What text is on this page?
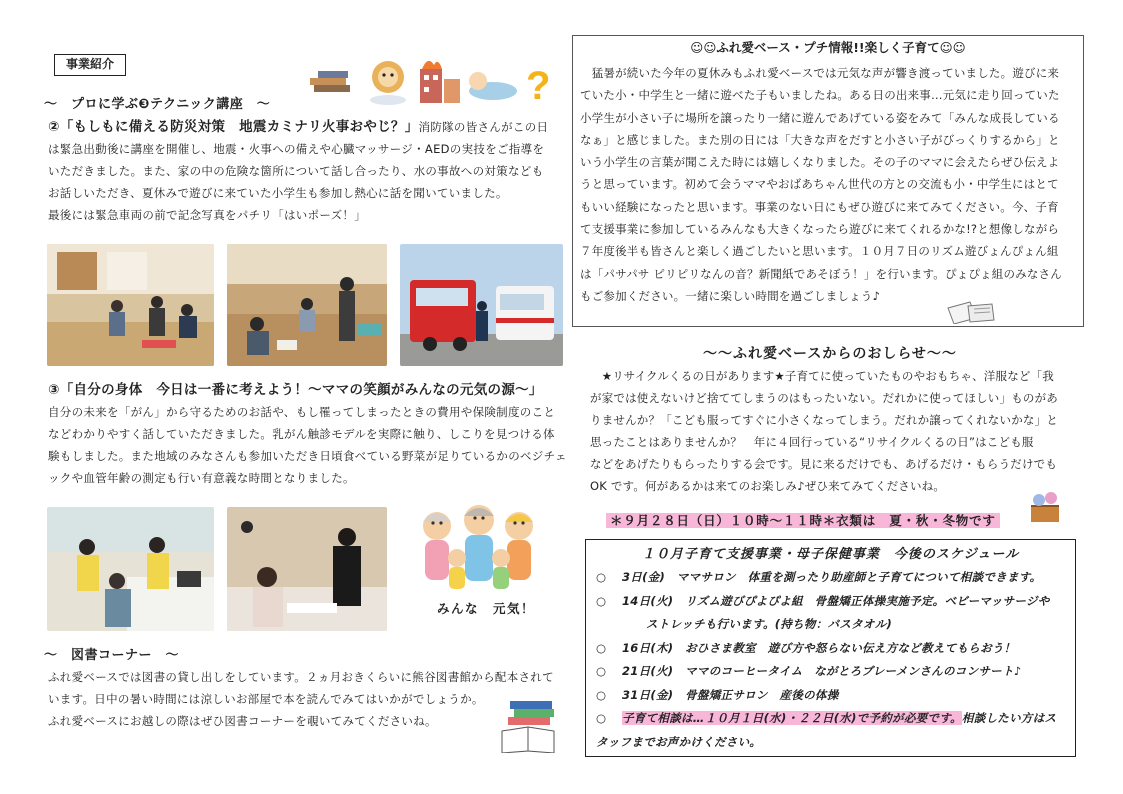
事業紹介	?
～　プロに学ぶ❸テクニック講座　～
②「もしもに備える防災対策　地震カミナリ火事おやじ？」消防隊の皆さんがこの日
は緊急出動後に講座を開催し、地震・火事への備えや心臓マッサージ・AEDの実技をご指導を
いただきました。また、家の中の危険な箇所について話し合ったり、水の事故への対策なども
お話しいただき、夏休みで遊びに来ていた小学生も参加し熱心に話を聞いていました。
最後には緊急車両の前で記念写真をパチリ「はいポーズ！」
③「自分の身体　今日は一番に考えよう！～ママの笑顔がみんなの元気の源～」
自分の未来を「がん」から守るためのお話や、もし罹ってしまったときの費用や保険制度のこと
などわかりやすく話していただきました。乳がん触診モデルを実際に触り、しこりを見つける体
験もしました。また地域のみなさんも参加いただき日頃食べている野菜が足りているかのベジチェ
ックや血管年齢の測定も行い有意義な時間となりました。
みんな　元気！
～　図書コーナー　～
ふれ愛ベースでは図書の貸し出しをしています。２ヵ月おきくらいに熊谷図書館から配本されて
います。日中の暑い時間には涼しいお部屋で本を読んでみてはいかがでしょうか。
ふれ愛ベースにお越しの際はぜひ図書コーナーを覗いてみてくださいね。
☺☺ふれ愛ベース・プチ情報!!楽しく子育て☺☺
　猛暑が続いた今年の夏休みもふれ愛ベースでは元気な声が響き渡っていました。遊びに来
ていた小・中学生と一緒に遊べた子もいましたね。ある日の出来事…元気に走り回っていた
小学生が小さい子に場所を譲ったり一緒に遊んであげている姿をみて「みんな成長している
なぁ」と感じました。また別の日には「大きな声をだすと小さい子がびっくりするから」と
いう小学生の言葉が聞こえた時には嬉しくなりました。その子のママに会えたらぜひ伝えよ
うと思っています。初めて会うママやおばあちゃん世代の方との交流も小・中学生にはとて
もいい経験になったと思います。事業のない日にもぜひ遊びに来てみてください。今、子育
て支援事業に参加しているみんなも大きくなったら遊びに来てくれるかな!?と想像しながら
７年度後半も皆さんと楽しく過ごしたいと思います。１０月７日のリズム遊びょんぴょん組
は「パサパサ ピリピリなんの音？新聞紙であそぼう！」を行います。ぴょぴょ組のみなさん
もご参加ください。一緒に楽しい時間を過ごしましょう♪
～～ふれ愛ベースからのおしらせ～～
　★リサイクルくるの日があります★子育てに使っていたものやおもちゃ、洋服など「我
が家では使えないけど捨ててしまうのはもったいない。だれかに使ってほしい」ものがあ
りませんか？「こども服ってすぐに小さくなってしまう。だれか譲ってくれないかな」と
思ったことはありませんか？　年に４回行っている“リサイクルくるの日”はこども服
などをあげたりもらったりする会です。見に来るだけでも、あげるだけ・もらうだけでも
OK です。何があるかは来てのお楽しみ♪ぜひ来てみてくださいね。
＊９月２８日（日）１０時～１１時＊衣類は　夏・秋・冬物です
１０月子育て支援事業・母子保健事業　今後のスケジュール
○ 3日(金)　ママサロン　体重を測ったり助産師と子育てについて相談できます。
○ 14日(火)　リズム遊びぴよぴよ組　骨盤矯正体操実施予定。ベビーマッサージや
ストレッチも行います。(持ち物：バスタオル)
○ 16日(木)　おひさま教室　遊び方や怒らない伝え方など教えてもらおう！
○ 21日(火)　ママのコーヒータイム　ながとろブレーメンさんのコンサート♪
○ 31日(金)　骨盤矯正サロン　産後の体操
○ 子育て相談は…１０月１日(水)・２２日(水)で予約が必要です。相談したい方はス
タッフまでお声かけください。
